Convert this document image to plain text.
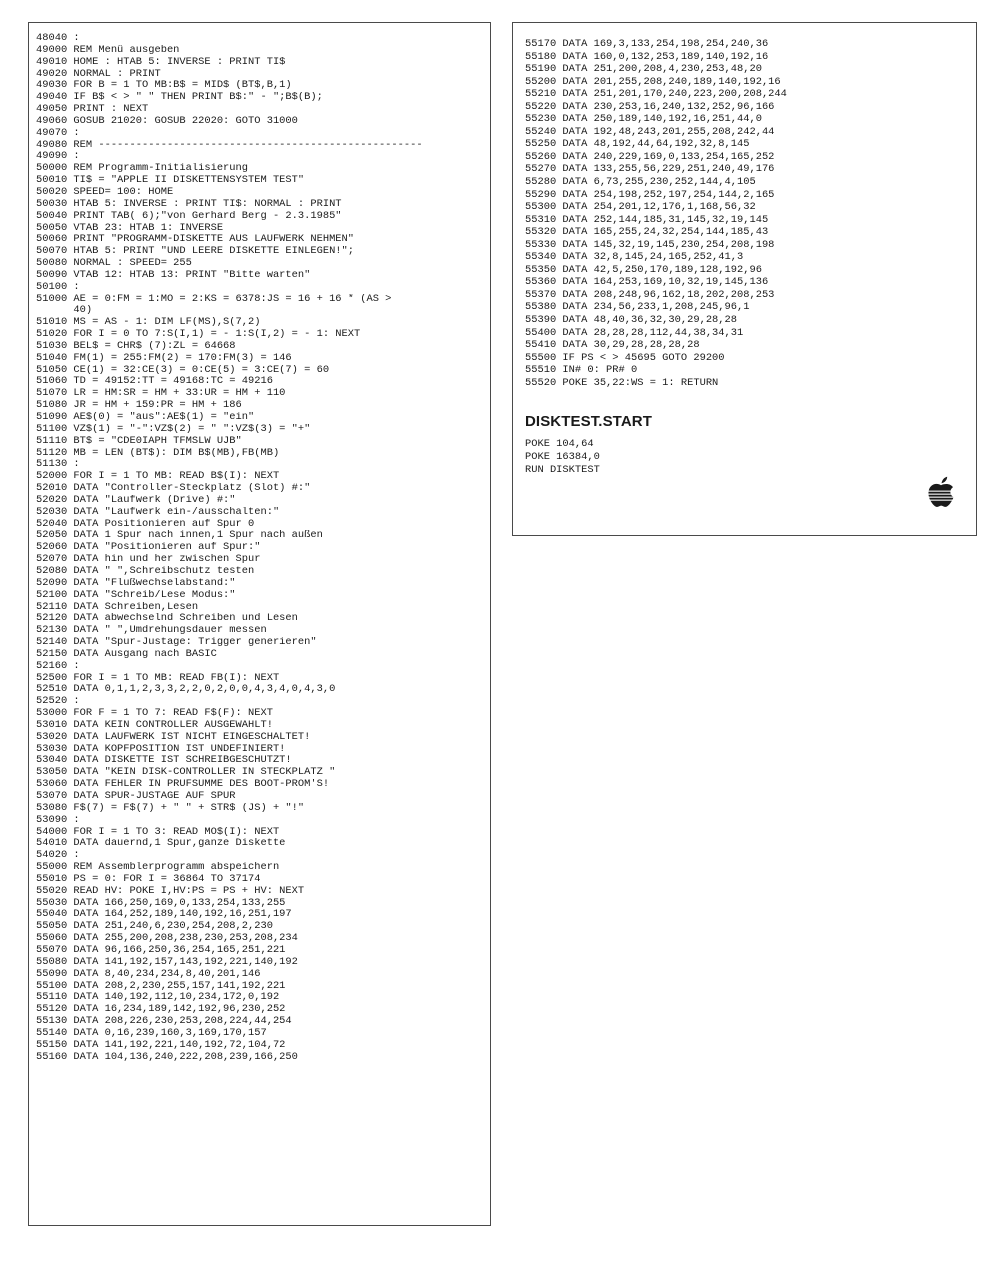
48040 :
49000 REM Menü ausgeben
49010 HOME : HTAB 5: INVERSE : PRINT TI$
49020 NORMAL : PRINT
49030 FOR B = 1 TO MB:B$ = MID$ (BT$,B,1)
49040 IF B$ < > " " THEN PRINT B$:" - ";B$(B);
49050 PRINT : NEXT
49060 GOSUB 21020: GOSUB 22020: GOTO 31000
49070 :
49080 REM ----------------------------------------------------
49090 :
50000 REM Programm-Initialisierung
50010 TI$ = "APPLE II DISKETTENSYSTEM TEST"
50020 SPEED= 100: HOME
50030 HTAB 5: INVERSE : PRINT TI$: NORMAL : PRINT
50040 PRINT TAB( 6);"von Gerhard Berg - 2.3.1985"
50050 VTAB 23: HTAB 1: INVERSE
50060 PRINT "PROGRAMM-DISKETTE AUS LAUFWERK NEHMEN"
50070 HTAB 5: PRINT "UND LEERE DISKETTE EINLEGEN!";
50080 NORMAL : SPEED= 255
50090 VTAB 12: HTAB 13: PRINT "Bitte warten"
50100 :
51000 AE = 0:FM = 1:MO = 2:KS = 6378:JS = 16 + 16 * (AS >
40)
51010 MS = AS - 1: DIM LF(MS),S(7,2)
51020 FOR I = 0 TO 7:S(I,1) = - 1:S(I,2) = - 1: NEXT
51030 BEL$ = CHR$ (7):ZL = 64668
51040 FM(1) = 255:FM(2) = 170:FM(3) = 146
51050 CE(1) = 32:CE(3) = 0:CE(5) = 3:CE(7) = 60
51060 TD = 49152:TT = 49168:TC = 49216
51070 LR = HM:SR = HM + 33:UR = HM + 110
51080 JR = HM + 159:PR = HM + 186
51090 AE$(0) = "aus":AE$(1) = "ein"
51100 VZ$(1) = "-":VZ$(2) = " ":VZ$(3) = "+"
51110 BT$ = "CDE0IAPH TFMSLW UJB"
51120 MB = LEN (BT$): DIM B$(MB),FB(MB)
51130 :
52000 FOR I = 1 TO MB: READ B$(I): NEXT
52010 DATA "Controller-Steckplatz (Slot) #:"
52020 DATA "Laufwerk (Drive) #:"
52030 DATA "Laufwerk ein-/ausschalten:"
52040 DATA Positionieren auf Spur 0
52050 DATA 1 Spur nach innen,1 Spur nach außen
52060 DATA "Positionieren auf Spur:"
52070 DATA hin und her zwischen Spur
52080 DATA " ",Schreibschutz testen
52090 DATA "Flußwechselabstand:"
52100 DATA "Schreib/Lese Modus:"
52110 DATA Schreiben,Lesen
52120 DATA abwechselnd Schreiben und Lesen
52130 DATA " ",Umdrehungsdauer messen
52140 DATA "Spur-Justage: Trigger generieren"
52150 DATA Ausgang nach BASIC
52160 :
52500 FOR I = 1 TO MB: READ FB(I): NEXT
52510 DATA 0,1,1,2,3,3,2,2,0,2,0,0,4,3,4,0,4,3,0
52520 :
53000 FOR F = 1 TO 7: READ F$(F): NEXT
53010 DATA KEIN CONTROLLER AUSGEWÄHLT!
53020 DATA LAUFWERK IST NICHT EINGESCHALTET!
53030 DATA KOPFPOSITION IST UNDEFINIERT!
53040 DATA DISKETTE IST SCHREIBGESCHÜTZT!
53050 DATA "KEIN DISK-CONTROLLER IN STECKPLATZ "
53060 DATA FEHLER IN PRÜFSUMME DES BOOT-PROM'S!
53070 DATA SPUR-JUSTAGE AUF SPUR
53080 F$(7) = F$(7) + " " + STR$ (JS) + "!"
53090 :
54000 FOR I = 1 TO 3: READ MO$(I): NEXT
54010 DATA dauernd,1 Spur,ganze Diskette
54020 :
55000 REM Assemblerprogramm abspeichern
55010 PS = 0: FOR I = 36864 TO 37174
55020 READ HV: POKE I,HV:PS = PS + HV: NEXT
55030 DATA 166,250,169,0,133,254,133,255
55040 DATA 164,252,189,140,192,16,251,197
55050 DATA 251,240,6,230,254,208,2,230
55060 DATA 255,200,208,238,230,253,208,234
55070 DATA 96,166,250,36,254,165,251,221
55080 DATA 141,192,157,143,192,221,140,192
55090 DATA 8,40,234,234,8,40,201,146
55100 DATA 208,2,230,255,157,141,192,221
55110 DATA 140,192,112,10,234,172,0,192
55120 DATA 16,234,189,142,192,96,230,252
55130 DATA 208,226,230,253,208,224,44,254
55140 DATA 0,16,239,160,3,169,170,157
55150 DATA 141,192,221,140,192,72,104,72
55160 DATA 104,136,240,222,208,239,166,250
55170 DATA 169,3,133,254,198,254,240,36
55180 DATA 160,0,132,253,189,140,192,16
55190 DATA 251,200,208,4,230,253,48,20
55200 DATA 201,255,208,240,189,140,192,16
55210 DATA 251,201,170,240,223,200,208,244
55220 DATA 230,253,16,240,132,252,96,166
55230 DATA 250,189,140,192,16,251,44,0
55240 DATA 192,48,243,201,255,208,242,44
55250 DATA 48,192,44,64,192,32,8,145
55260 DATA 240,229,169,0,133,254,165,252
55270 DATA 133,255,56,229,251,240,49,176
55280 DATA 6,73,255,230,252,144,4,105
55290 DATA 254,198,252,197,254,144,2,165
55300 DATA 254,201,12,176,1,168,56,32
55310 DATA 252,144,185,31,145,32,19,145
55320 DATA 165,255,24,32,254,144,185,43
55330 DATA 145,32,19,145,230,254,208,198
55340 DATA 32,8,145,24,165,252,41,3
55350 DATA 42,5,250,170,189,128,192,96
55360 DATA 164,253,169,10,32,19,145,136
55370 DATA 208,248,96,162,18,202,208,253
55380 DATA 234,56,233,1,208,245,96,1
55390 DATA 48,40,36,32,30,29,28,28
55400 DATA 28,28,28,112,44,38,34,31
55410 DATA 30,29,28,28,28,28
55500 IF PS < > 45695 GOTO 29200
55510 IN# 0: PR# 0
55520 POKE 35,22:WS = 1: RETURN
DISKTEST.START
POKE 104,64
POKE 16384,0
RUN DISKTEST
